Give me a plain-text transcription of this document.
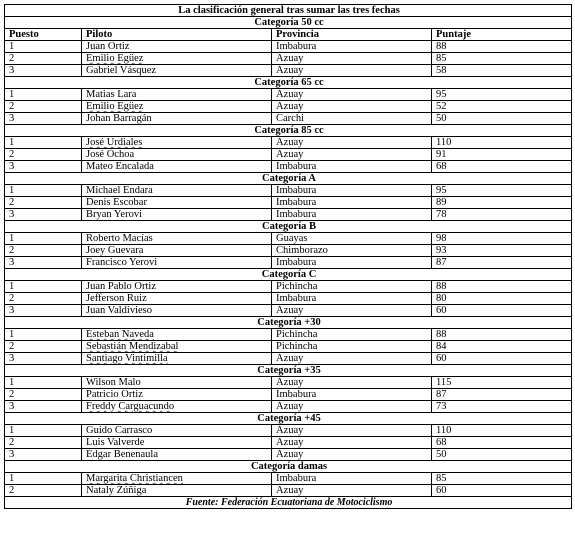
La clasificación general tras sumar las tres fechas			
Categoría 50 cc			
Puesto	Piloto	Provincia	Puntaje
1	Juan Ortiz	Imbabura	88
2	Emilio Egüez	Azuay	85
3	Gabriel Vásquez	Azuay	58
Categoría 65 cc			
1	Matias Lara	Azuay	95
2	Emilio Egüez	Azuay	52
3	Johan Barragán	Carchi	50
Categoría 85 cc			
1	José Urdiales	Azuay	110
2	José Ochoa	Azuay	91
3	Mateo Encalada	Imbabura	68
Categoría A			
1	Michael Endara	Imbabura	95
2	Denis Escobar	Imbabura	89
3	Bryan Yerovi	Imbabura	78
Categoría B			
1	Roberto Macías	Guayas	98
2	Joey Guevara	Chimborazo	93
3	Francisco Yerovi	Imbabura	87
Categoría C			
1	Juan Pablo Ortiz	Pichincha	88
2	Jefferson Ruiz	Imbabura	80
3	Juan Valdivieso	Azuay	60
Categoría +30			
1	Esteban Naveda	Pichincha	88
2	Sebastián Mendizabal	Pichincha	84
3	Santiago Vintimilla	Azuay	60
Categoría +35			
1	Wilson Malo	Azuay	115
2	Patricio Ortiz	Imbabura	87
3	Freddy Carguacundo	Azuay	73
Categoría +45			
1	Guido Carrasco	Azuay	110
2	Luis Valverde	Azuay	68
3	Edgar Benenaula	Azuay	50
Categoría damas			
1	Margarita Christiancen	Imbabura	85
2	Nataly Zúñiga	Azuay	60
Fuente: Federación Ecuatoriana de Motociclismo			
